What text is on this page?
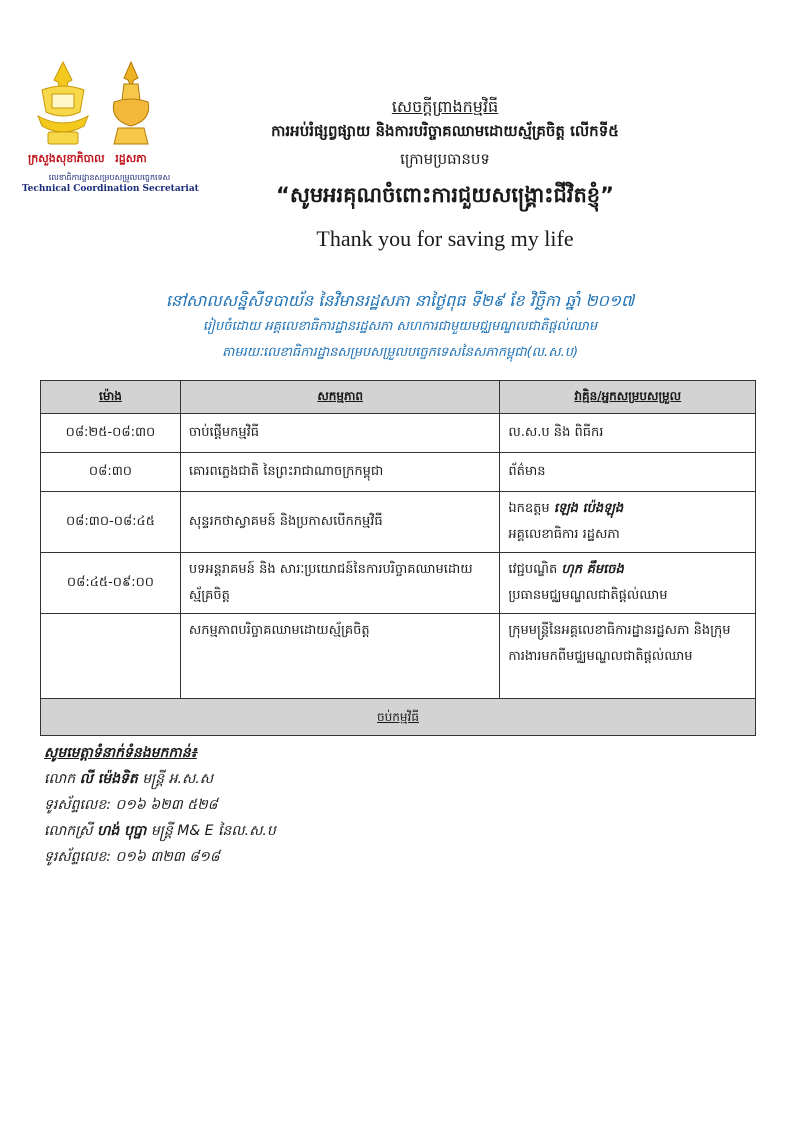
ក្រសួងសុខាភិបាល រដ្ឋសភា
លេខាធិការដ្ឋានសម្របសម្រួលបច្ចេកទេស
Technical Coordination Secretariat
សេចក្តីព្រាងកម្មវិធី
ការអប់រំផ្សព្វផ្សាយ និងការបរិច្ចាគឈាមដោយស្ម័គ្រចិត្ត លើកទី៥
ក្រោមប្រធានបទ
“សូមអរគុណចំពោះការជួយសង្គ្រោះជីវិតខ្ញុំ”
Thank you for saving my life
នៅសាលសន្និសីទបាយ័ន នៃវិមានរដ្ឋសភា នាថ្ងៃពុធ ទី២៩ ខែ វិច្ឆិកា ឆ្នាំ ២០១៧
រៀបចំដោយ អគ្គលេខាធិការដ្ឋានរដ្ឋសភា សហការជាមួយមជ្ឈមណ្ឌលជាតិផ្តល់ឈាម
តាមរយៈលេខាធិការដ្ឋានសម្របសម្រួលបច្ចេកទេសនៃសភាកម្ពុជា(ល.ស.ប)
ម៉ោង	សកម្មភាព	វាគ្មិន/អ្នកសម្របសម្រួល
០៨:២៥-០៨:៣០	ចាប់ផ្តើមកម្មវិធី	ល.ស.ប និង ពិធីករ
០៨:៣០	គោរពភ្លេងជាតិ នៃព្រះរាជាណាចក្រកម្ពុជា	ព័ត៌មាន
០៨:៣០-០៨:៤៥	សុន្ទរកថាស្វាគមន៍ និងប្រកាសបើកកម្មវិធី	ឯកឧត្តម ឡេង ប៉េងឡុង
អគ្គលេខាធិការ រដ្ឋសភា
០៨:៤៥-០៩:០០	បទអន្តរាគមន៍ និង សារៈប្រយោជន៍នៃការបរិច្ចាគឈាមដោយស្ម័គ្រចិត្ត	វេជ្ជបណ្ឌិត ហុក គឹមចេង
ប្រធានមជ្ឈមណ្ឌលជាតិផ្តល់ឈាម
	សកម្មភាពបរិច្ចាគឈាមដោយស្ម័គ្រចិត្ត	ក្រុមមន្ត្រីនៃអគ្គលេខាធិការដ្ឋានរដ្ឋសភា និងក្រុមការងារមកពីមជ្ឈមណ្ឌលជាតិផ្តល់ឈាម
ចប់កម្មវិធី		
សូមមេត្តាទំនាក់ទំនងមកកាន់៖
លោក លី ម៉េងទិត មន្ត្រី អ.ស.ស
ទូរស័ព្ទលេខ: ០១៦ ៦២៣ ៥២៨
លោកស្រី ហង់ បុប្ផា មន្ត្រី M& E នៃល.ស.ប
ទូរស័ព្ទលេខ: ០១៦ ៣២៣ ៨១៨
